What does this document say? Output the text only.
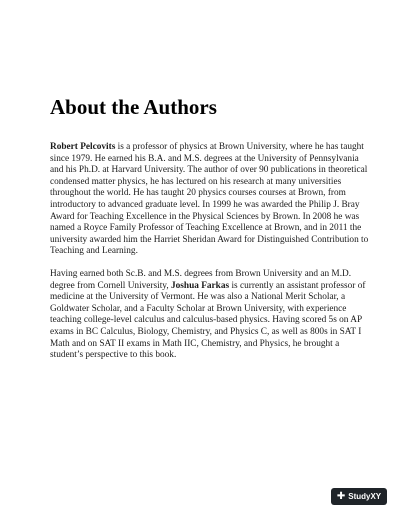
About the Authors

Robert Pelcovits is a professor of physics at Brown University, where he has taught since 1979. He earned his B.A. and M.S. degrees at the University of Pennsylvania and his Ph.D. at Harvard University. The author of over 90 publications in theoretical condensed matter physics, he has lectured on his research at many universities throughout the world. He has taught 20 physics courses courses at Brown, from introductory to advanced graduate level. In 1999 he was awarded the Philip J. Bray Award for Teaching Excellence in the Physical Sciences by Brown. In 2008 he was named a Royce Family Professor of Teaching Excellence at Brown, and in 2011 the university awarded him the Harriet Sheridan Award for Distinguished Contribution to Teaching and Learning.

Having earned both Sc.B. and M.S. degrees from Brown University and an M.D. degree from Cornell University, Joshua Farkas is currently an assistant professor of medicine at the University of Vermont. He was also a National Merit Scholar, a Goldwater Scholar, and a Faculty Scholar at Brown University, with experience teaching college-level calculus and calculus-based physics. Having scored 5s on AP exams in BC Calculus, Biology, Chemistry, and Physics C, as well as 800s in SAT I Math and on SAT II exams in Math IIC, Chemistry, and Physics, he brought a student’s perspective to this book.

✚ StudyXY
